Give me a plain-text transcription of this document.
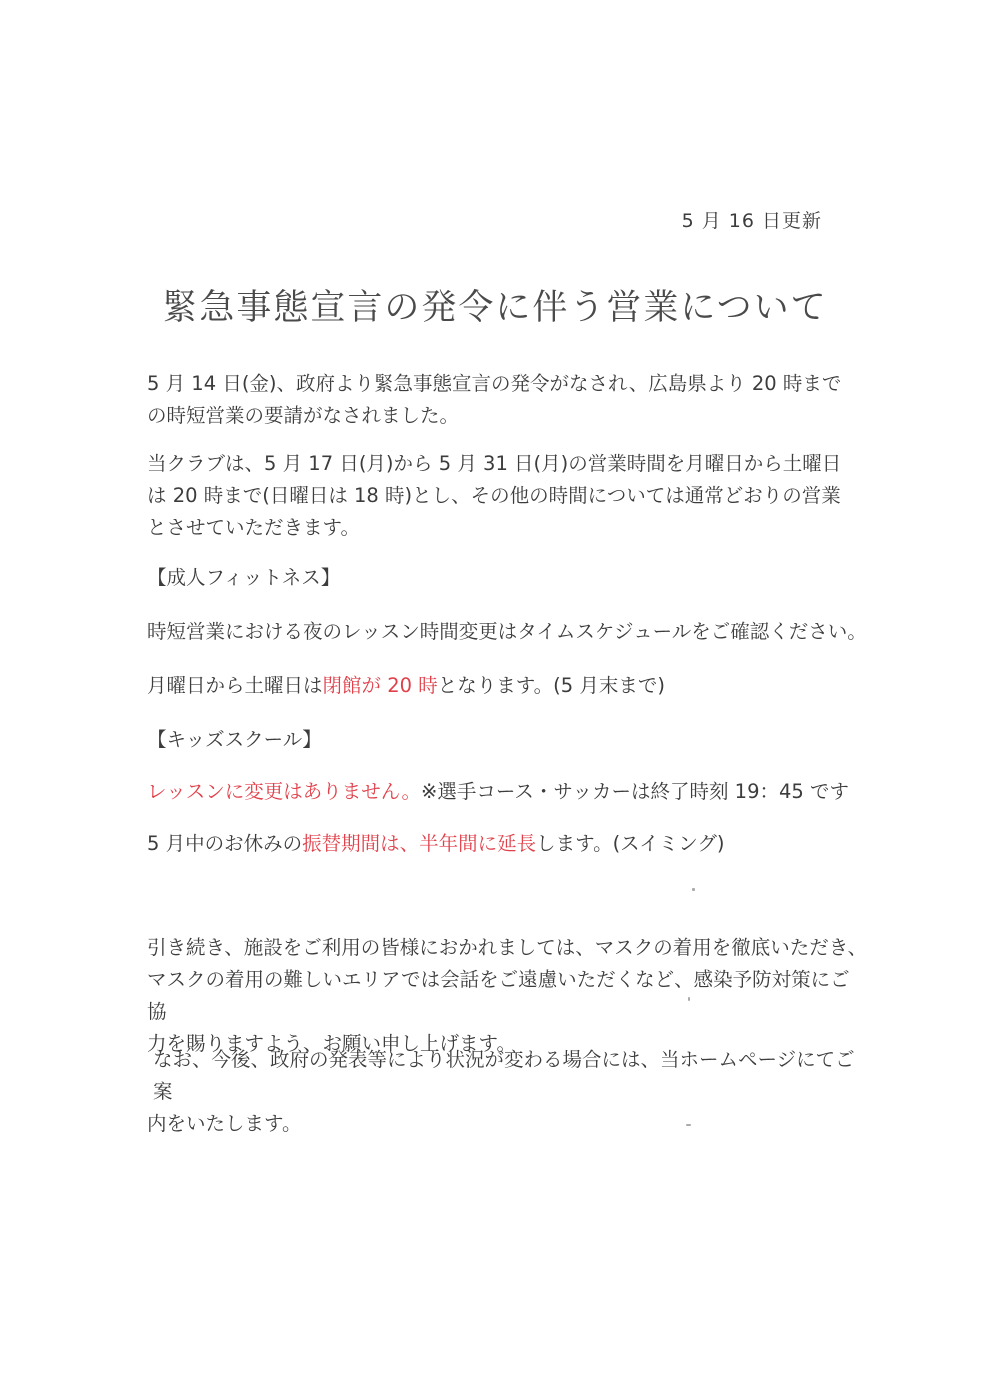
5 月 16 日更新
緊急事態宣言の発令に伴う営業について
5 月 14 日(金)、政府より緊急事態宣言の発令がなされ、広島県より 20 時まで
の時短営業の要請がなされました。
当クラブは、5 月 17 日(月)から 5 月 31 日(月)の営業時間を月曜日から土曜日
は 20 時まで(日曜日は 18 時)とし、その他の時間については通常どおりの営業
とさせていただきます。
【成人フィットネス】
時短営業における夜のレッスン時間変更はタイムスケジュールをご確認ください。
月曜日から土曜日は閉館が 20 時となります。(5 月末まで)
【キッズスクール】
レッスンに変更はありません。※選手コース・サッカーは終了時刻 19：45 です
5 月中のお休みの振替期間は、半年間に延長します。(スイミング)
引き続き、施設をご利用の皆様におかれましては、マスクの着用を徹底いただき、
マスクの着用の難しいエリアでは会話をご遠慮いただくなど、感染予防対策にご協
力を賜りますよう、お願い申し上げます。
なお、今後、政府の発表等により状況が変わる場合には、当ホームページにてご案
内をいたします。
